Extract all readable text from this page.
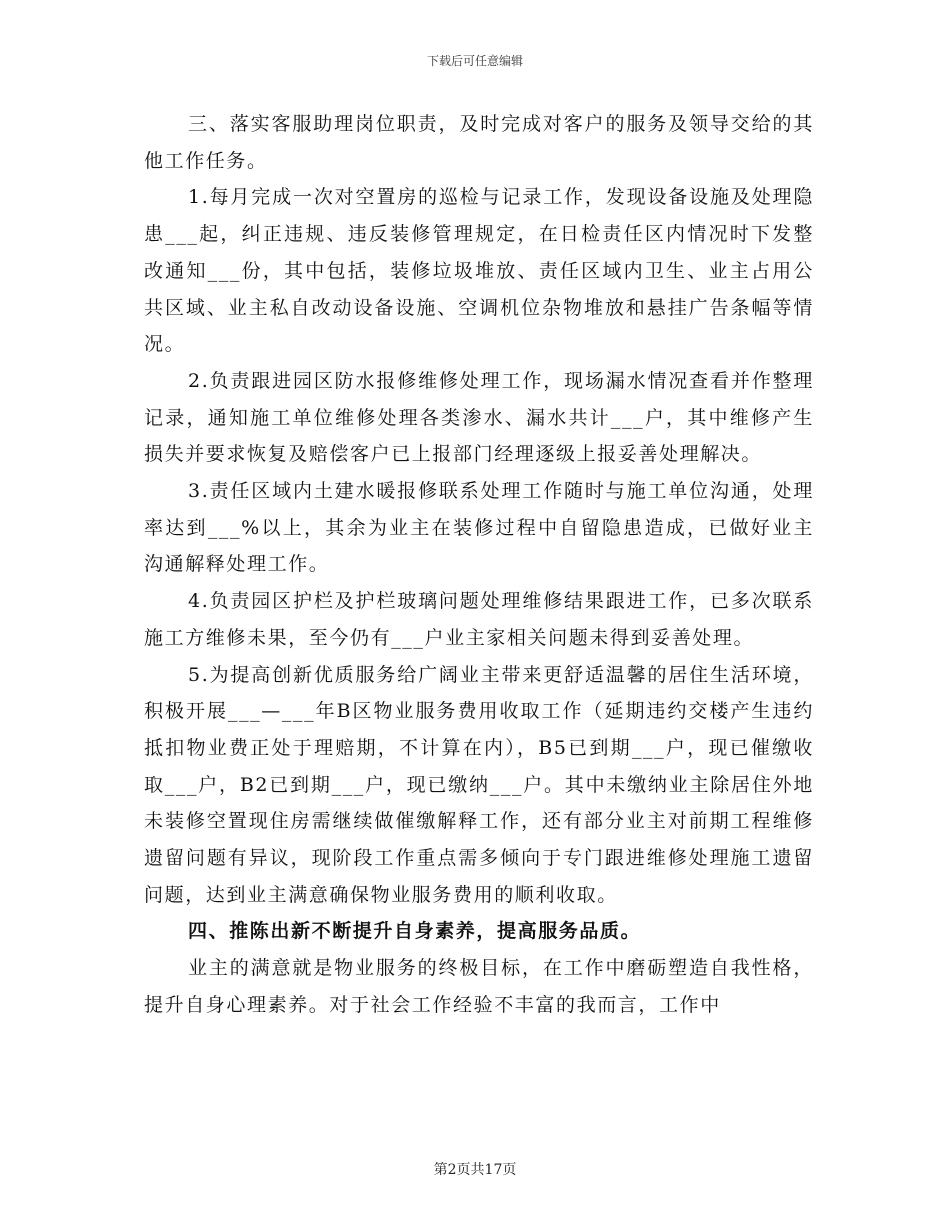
下载后可任意编辑

三、落实客服助理岗位职责，及时完成对客户的服务及领导交给的其他工作任务。

1.每月完成一次对空置房的巡检与记录工作，发现设备设施及处理隐患___起，纠正违规、违反装修管理规定，在日检责任区内情况时下发整改通知___份，其中包括，装修垃圾堆放、责任区域内卫生、业主占用公共区域、业主私自改动设备设施、空调机位杂物堆放和悬挂广告条幅等情况。

2.负责跟进园区防水报修维修处理工作，现场漏水情况查看并作整理记录，通知施工单位维修处理各类渗水、漏水共计___户，其中维修产生损失并要求恢复及赔偿客户已上报部门经理逐级上报妥善处理解决。

3.责任区域内土建水暖报修联系处理工作随时与施工单位沟通，处理率达到___%以上，其余为业主在装修过程中自留隐患造成，已做好业主沟通解释处理工作。

4.负责园区护栏及护栏玻璃问题处理维修结果跟进工作，已多次联系施工方维修未果，至今仍有___户业主家相关问题未得到妥善处理。

5.为提高创新优质服务给广阔业主带来更舒适温馨的居住生活环境，积极开展___—___年B区物业服务费用收取工作（延期违约交楼产生违约抵扣物业费正处于理赔期，不计算在内），B5已到期___户，现已催缴收取___户，B2已到期___户，现已缴纳___户。其中未缴纳业主除居住外地未装修空置现住房需继续做催缴解释工作，还有部分业主对前期工程维修遗留问题有异议，现阶段工作重点需多倾向于专门跟进维修处理施工遗留问题，达到业主满意确保物业服务费用的顺利收取。

四、推陈出新不断提升自身素养，提高服务品质。

业主的满意就是物业服务的终极目标，在工作中磨砺塑造自我性格，提升自身心理素养。对于社会工作经验不丰富的我而言，工作中

第2页共17页
